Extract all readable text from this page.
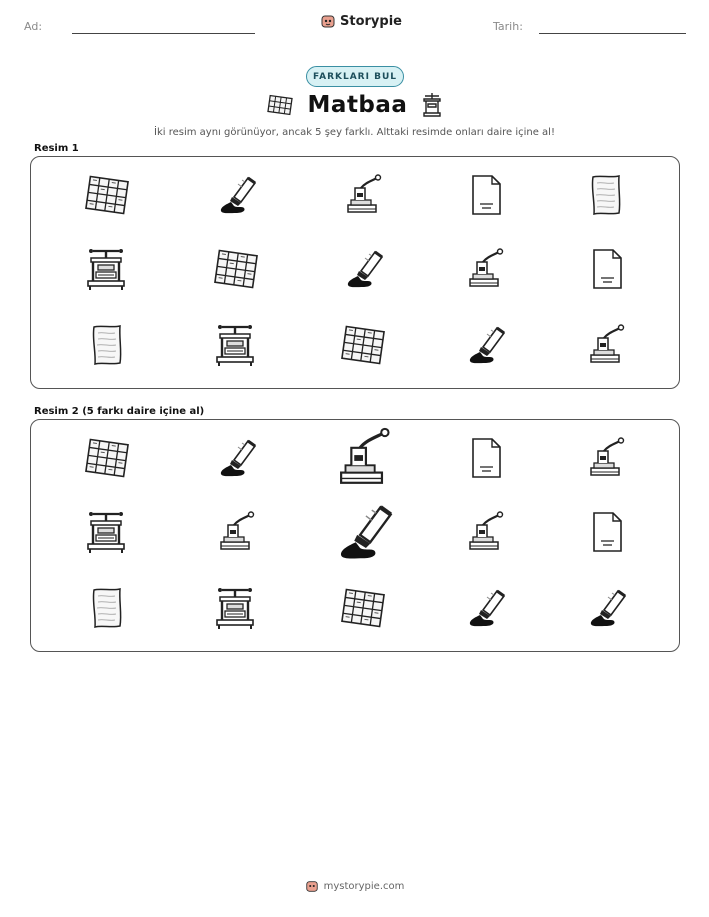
Ad:	Storypie	Tarih:
FARKLARI BUL
Matbaa
İki resim aynı görünüyor, ancak 5 şey farklı. Alttaki resimde onları daire içine al!
Resim 1
Resim 2 (5 farkı daire içine al)
mystorypie.com
